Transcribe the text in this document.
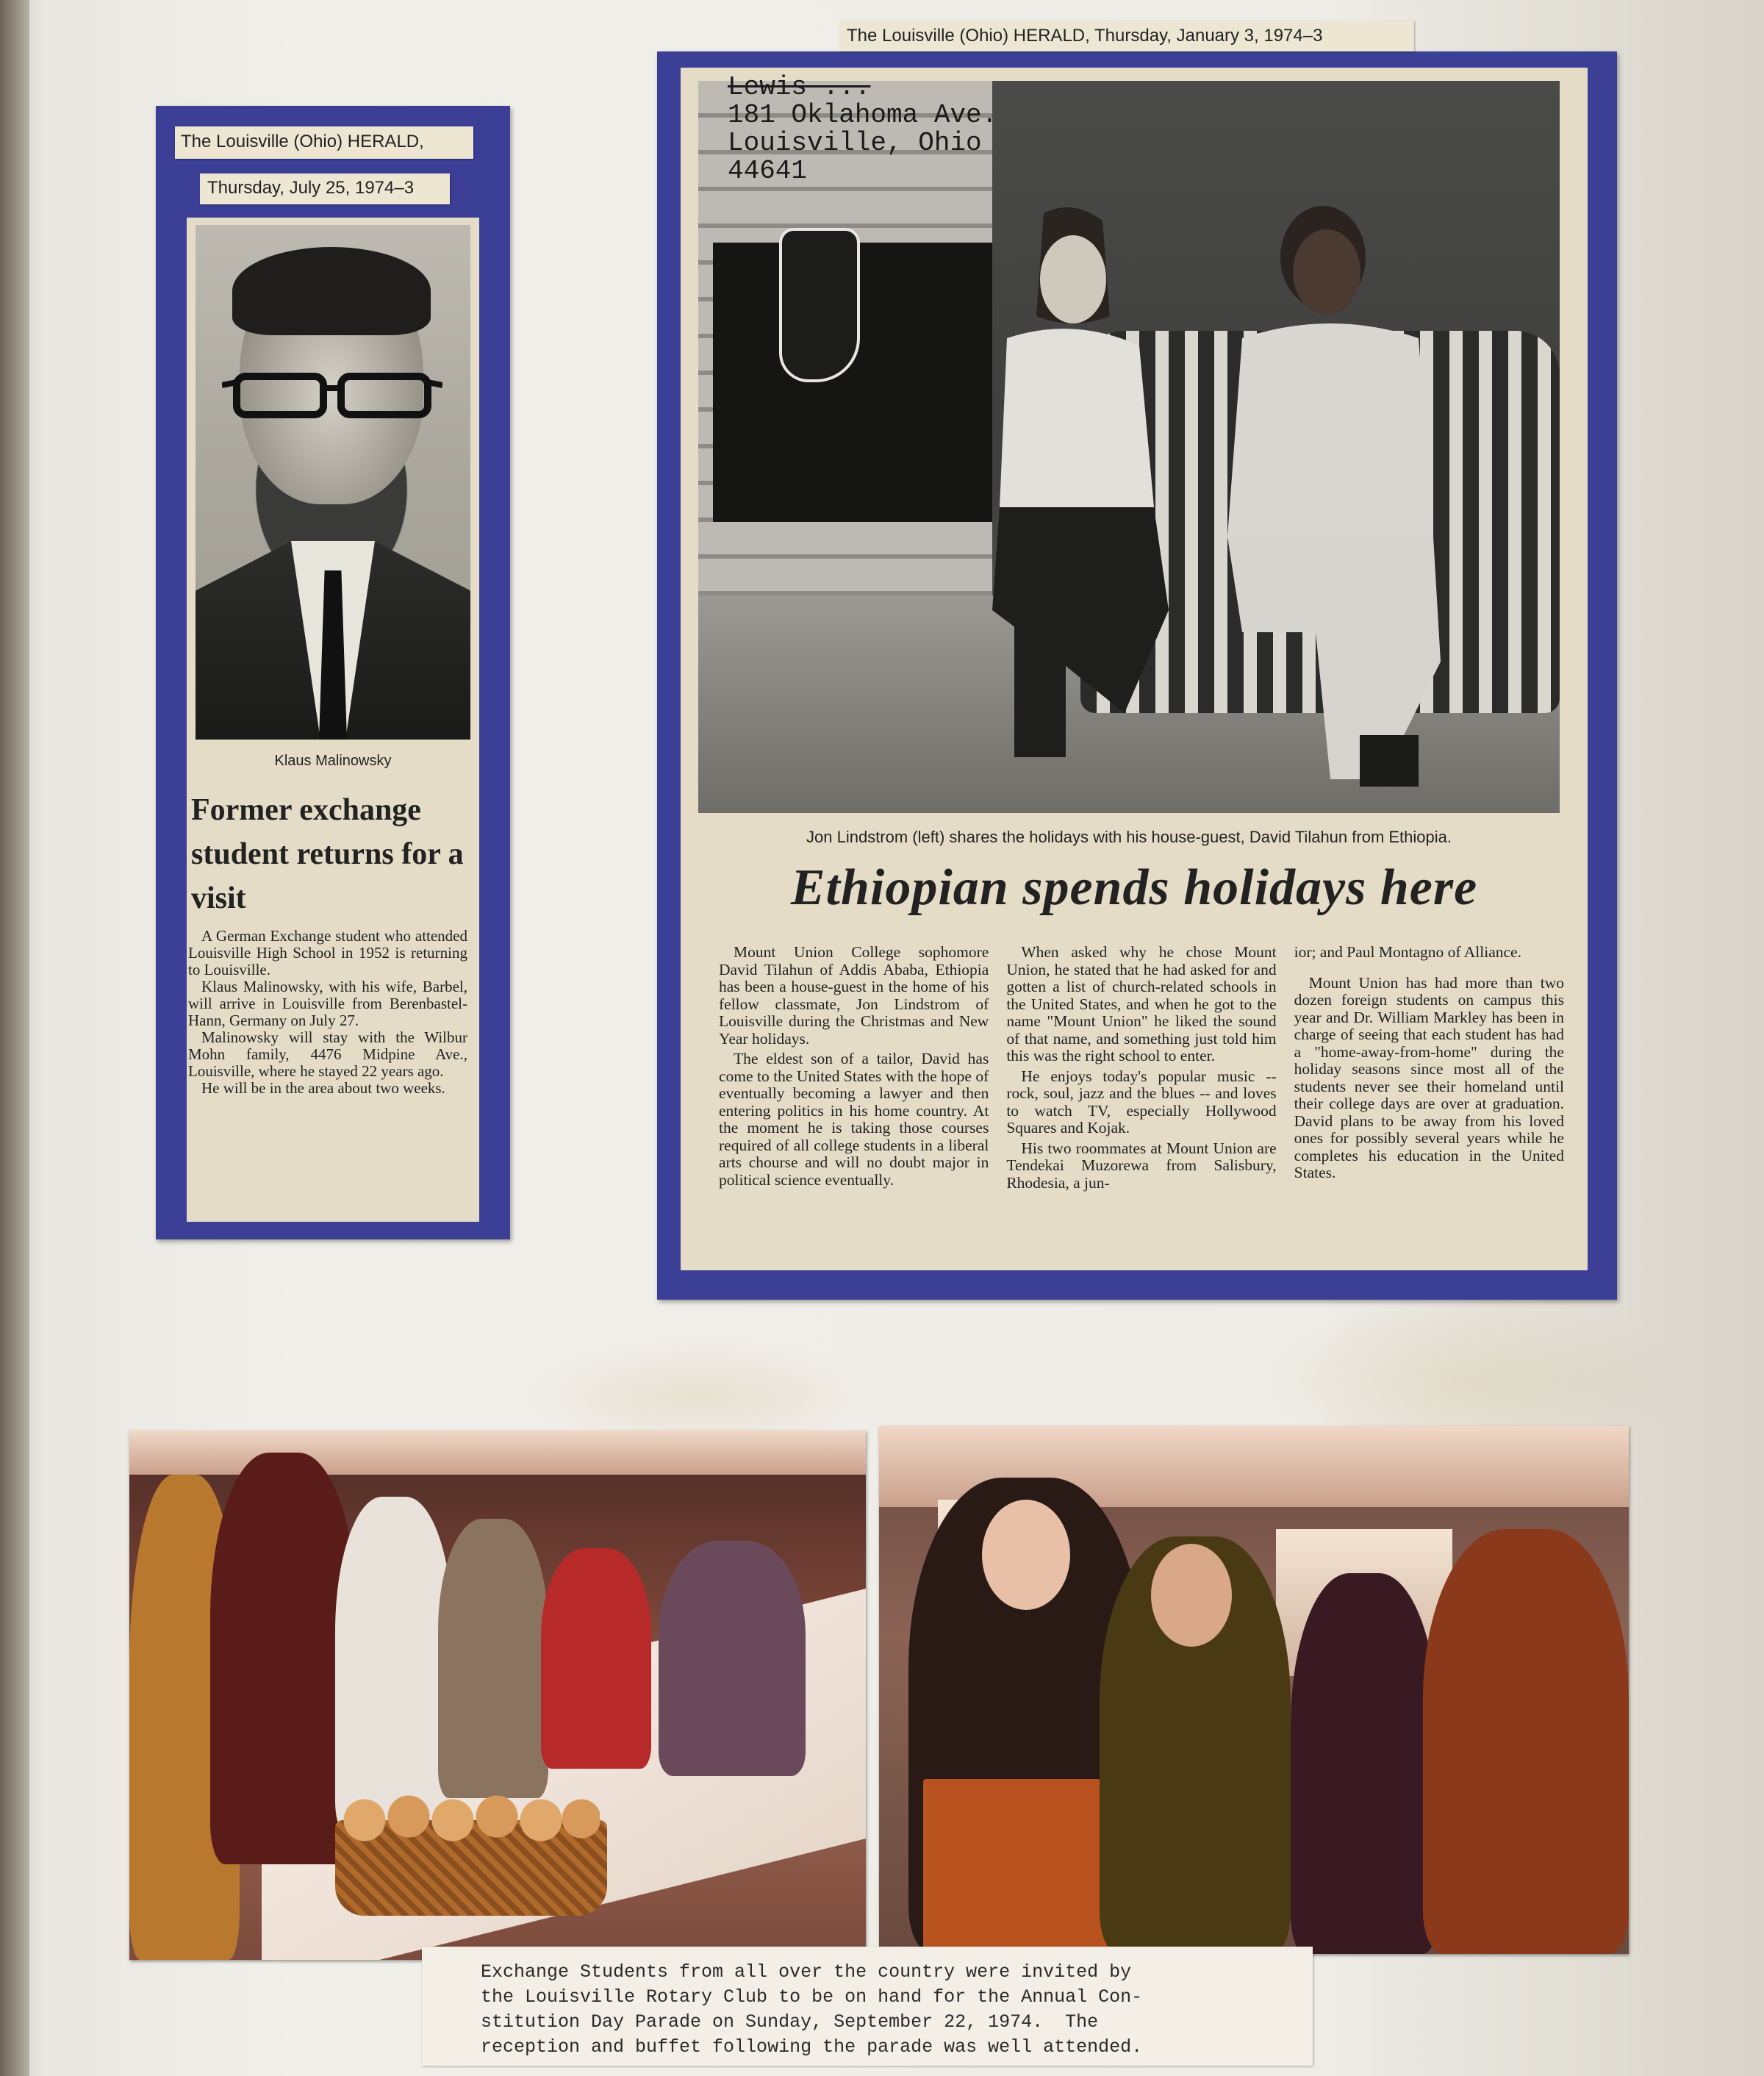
The Louisville (Ohio) HERALD,
Thursday, July 25, 1974–3
Klaus Malinowsky
Former exchange student returns for a visit

A German Exchange student who attended Louisville High School in 1952 is returning to Louisville.

Klaus Malinowsky, with his wife, Barbel, will arrive in Louisville from Berenbastel-Hann, Germany on July 27.

Malinowsky will stay with the Wilbur Mohn family, 4476 Midpine Ave., Louisville, where he stayed 22 years ago.

He will be in the area about two weeks.

The Louisville (Ohio) HERALD, Thursday, January 3, 1974–3
Lewis ...
181 Oklahoma Ave.
Louisville, Ohio 44641
Jon Lindstrom (left) shares the holidays with his house-guest, David Tilahun from Ethiopia.
Ethiopian spends holidays here

Mount Union College sophomore David Tilahun of Addis Ababa, Ethiopia has been a house-guest in the home of his fellow classmate, Jon Lindstrom of Louisville during the Christmas and New Year holidays.

The eldest son of a tailor, David has come to the United States with the hope of eventually becoming a lawyer and then entering politics in his home country. At the moment he is taking those courses required of all college students in a liberal arts chourse and will no doubt major in political science eventually.

When asked why he chose Mount Union, he stated that he had asked for and gotten a list of church-related schools in the United States, and when he got to the name "Mount Union" he liked the sound of that name, and something just told him this was the right school to enter.

He enjoys today's popular music -- rock, soul, jazz and the blues -- and loves to watch TV, especially Hollywood Squares and Kojak.

His two roommates at Mount Union are Tendekai Muzorewa from Salisbury, Rhodesia, a jun-

ior; and Paul Montagno of Alliance.

Mount Union has had more than two dozen foreign students on campus this year and Dr. William Markley has been in charge of seeing that each student has had a "home-away-from-home" during the holiday seasons since most all of the students never see their homeland until their college days are over at graduation. David plans to be away from his loved ones for possibly several years while he completes his education in the United States.

Exchange Students from all over the country were invited by
the Louisville Rotary Club to be on hand for the Annual Con-
stitution Day Parade on Sunday, September 22, 1974.  The
reception and buffet following the parade was well attended.
